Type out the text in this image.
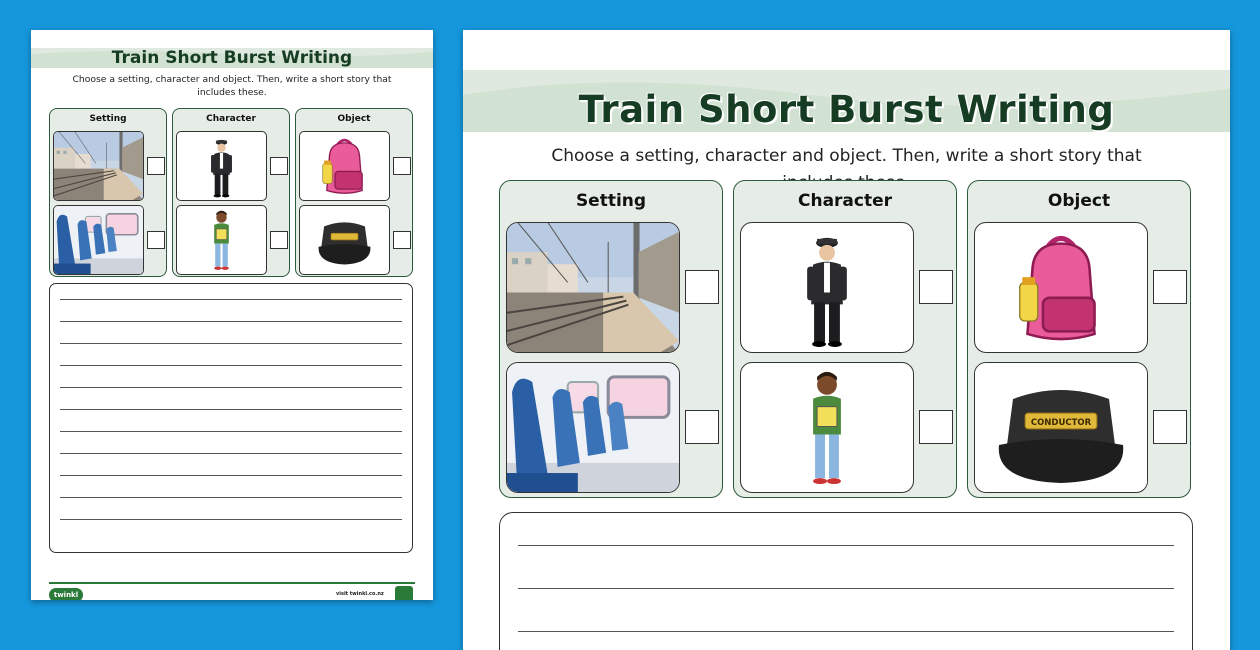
Train Short Burst Writing
Choose a setting, character and object. Then, write a short story that
includes these.
Setting	Character	Object
twinkl	visit twinkl.co.nz
Train Short Burst Writing
Choose a setting, character and object. Then, write a short story that

Setting	Character	Object
CONDUCTOR
